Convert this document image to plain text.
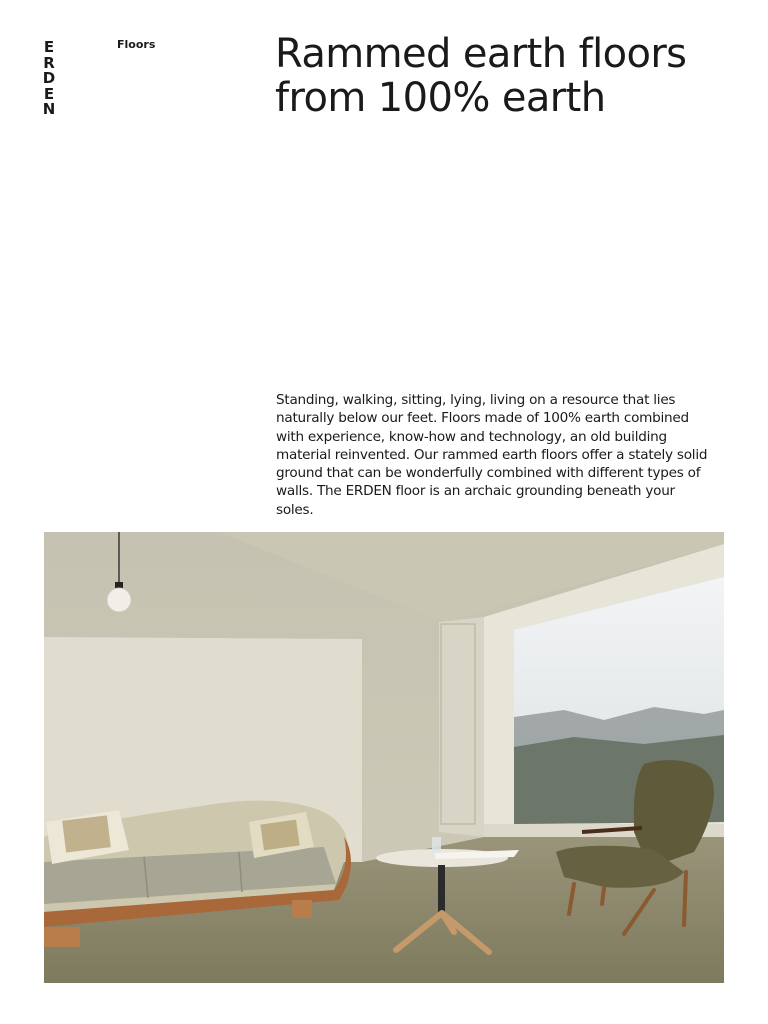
E
R
D
E
N
Floors	Rammed earth floors
from 100% earth

Standing, walking, sitting, lying, living on a resource that lies naturally below our feet. Floors made of 100% earth combined with experience, know-how and technology, an old building material reinvented. Our rammed earth floors offer a stately solid ground that can be wonderfully combined with different types of walls. The ERDEN floor is an archaic grounding beneath your soles.
